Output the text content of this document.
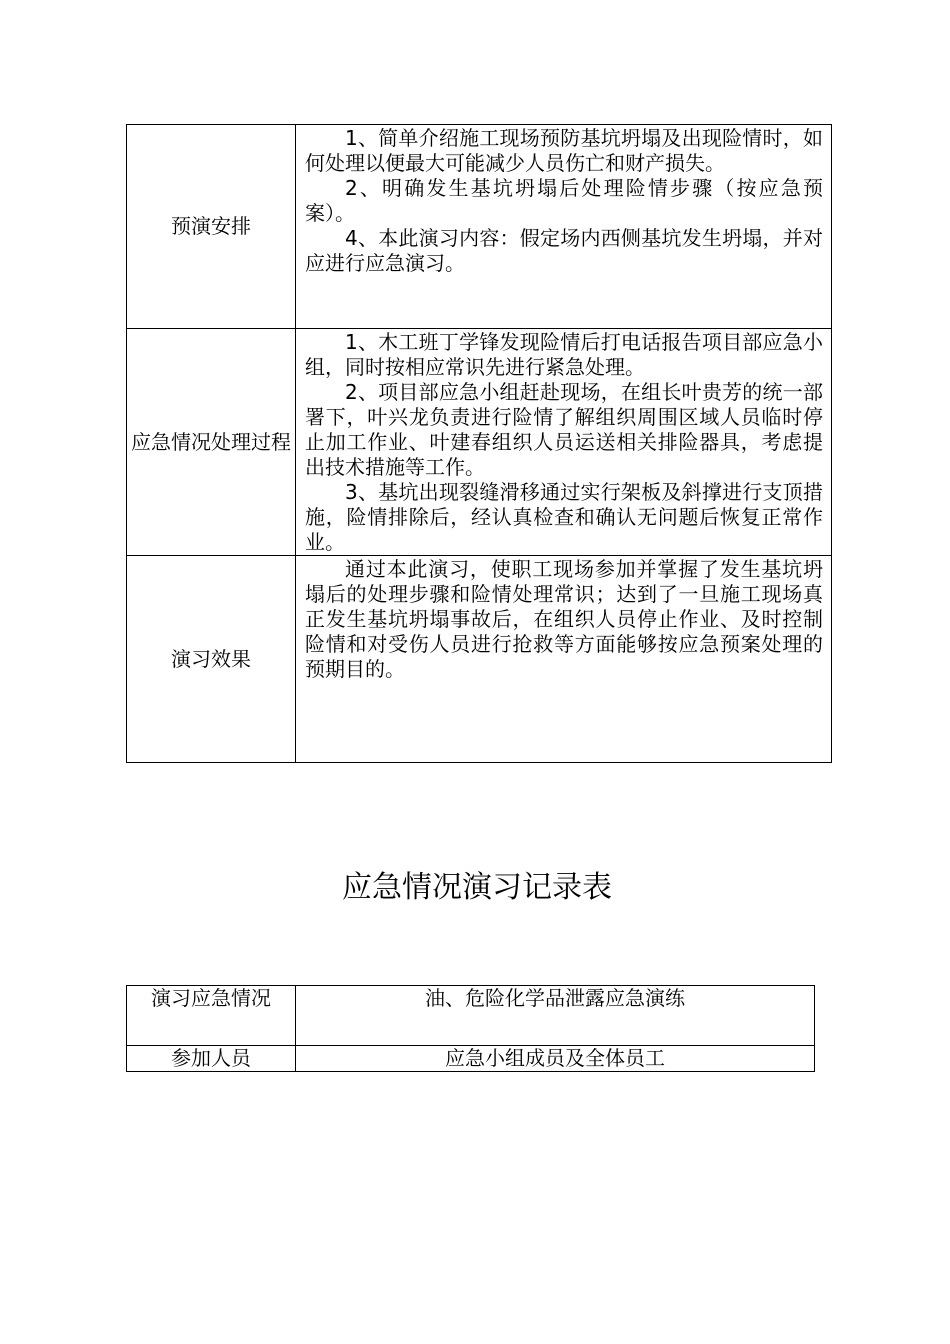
预演安排	1、简单介绍施工现场预防基坑坍塌及出现险情时，如何处理以便最大可能减少人员伤亡和财产损失。

2、明确发生基坑坍塌后处理险情步骤（按应急预案）。

4、本此演习内容：假定场内西侧基坑发生坍塌，并对应进行应急演习。

应急情况处理过程	1、木工班丁学锋发现险情后打电话报告项目部应急小组，同时按相应常识先进行紧急处理。

2、项目部应急小组赶赴现场，在组长叶贵芳的统一部署下，叶兴龙负责进行险情了解组织周围区域人员临时停止加工作业、叶建春组织人员运送相关排险器具，考虑提出技术措施等工作。

3、基坑出现裂缝滑移通过实行架板及斜撑进行支顶措施，险情排除后，经认真检查和确认无问题后恢复正常作业。

演习效果	通过本此演习，使职工现场参加并掌握了发生基坑坍塌后的处理步骤和险情处理常识；达到了一旦施工现场真正发生基坑坍塌事故后，在组织人员停止作业、及时控制险情和对受伤人员进行抢救等方面能够按应急预案处理的预期目的。

应急情况演习记录表
演习应急情况	油、危险化学品泄露应急演练
参加人员	应急小组成员及全体员工
